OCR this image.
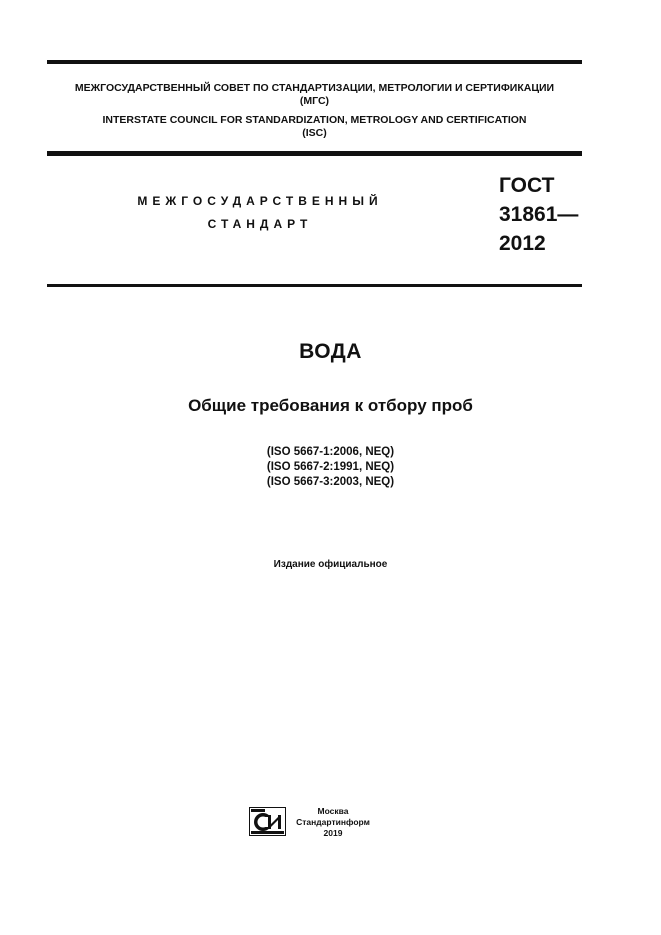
МЕЖГОСУДАРСТВЕННЫЙ СОВЕТ ПО СТАНДАРТИЗАЦИИ, МЕТРОЛОГИИ И СЕРТИФИКАЦИИ
(МГС)
INTERSTATE COUNCIL FOR STANDARDIZATION, METROLOGY AND CERTIFICATION
(ISC)
МЕЖГОСУДАРСТВЕННЫЙ
СТАНДАРТ
ГОСТ
31861—
2012
ВОДА
Общие требования к отбору проб
(ISO 5667-1:2006, NEQ)
(ISO 5667-2:1991, NEQ)
(ISO 5667-3:2003, NEQ)
Издание официальное
Москва
Стандартинформ
2019
